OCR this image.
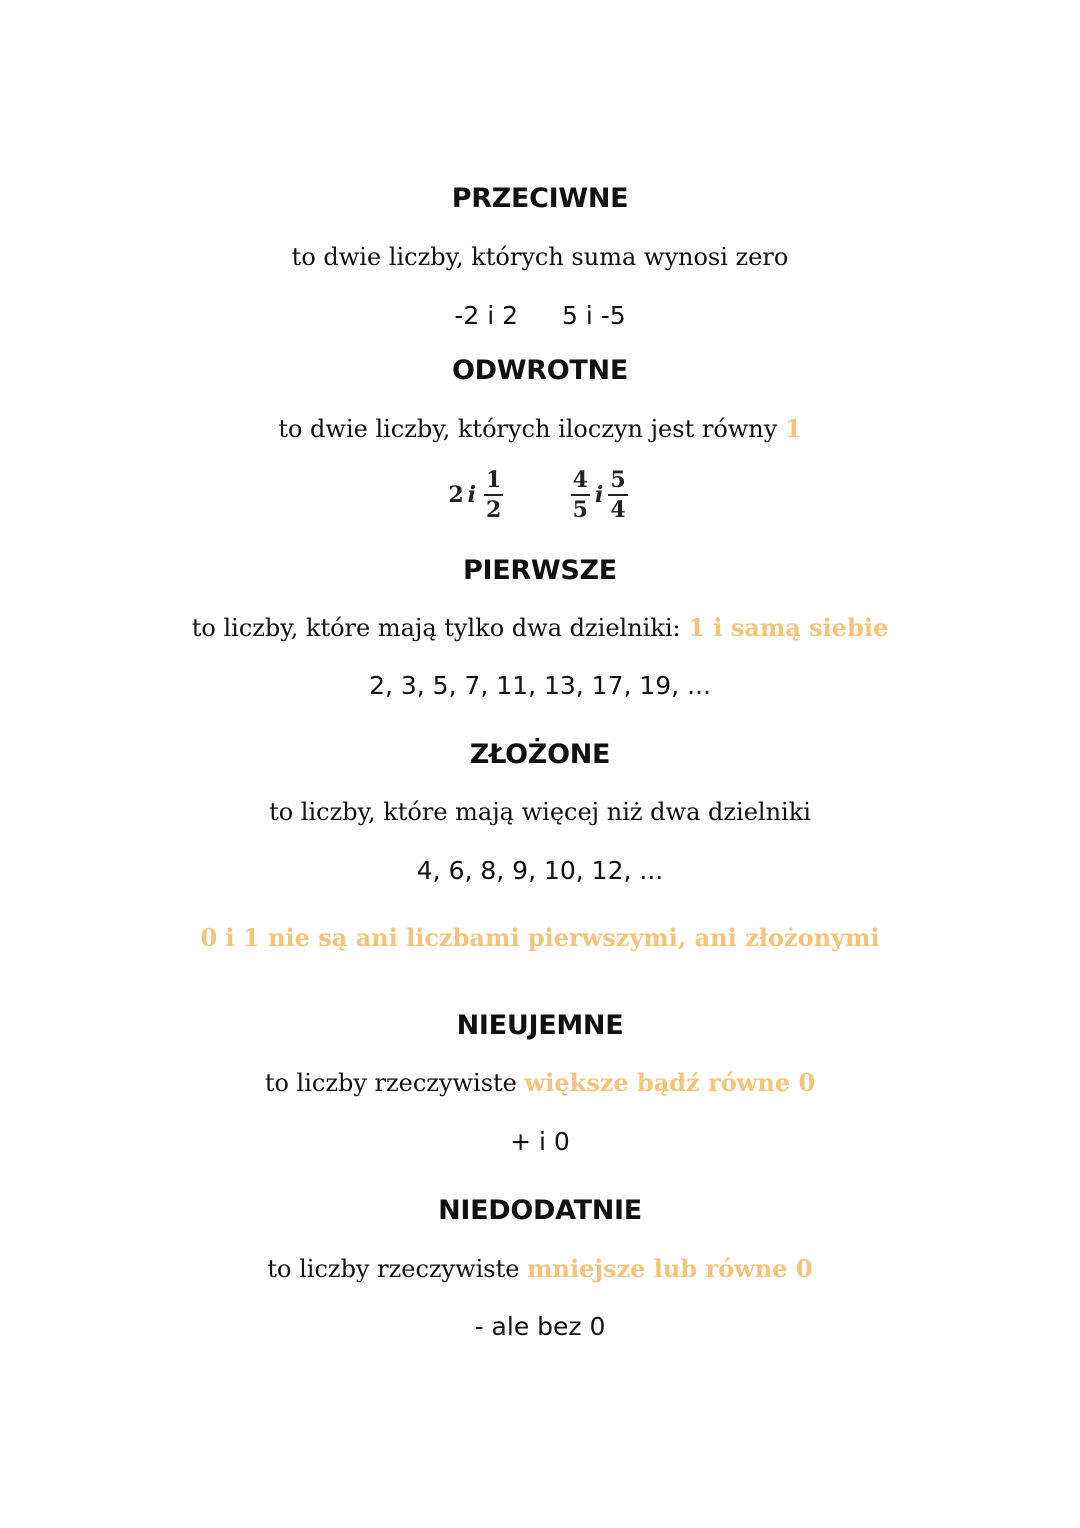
PRZECIWNE
to dwie liczby, których suma wynosi zero
-2 i 2 5 i -5
ODWROTNE
to dwie liczby, których iloczyn jest równy 1
2 i $\frac{1}{2}$
	$\frac{4}{5}$ i $\frac{5}{4}$
PIERWSZE
to liczby, które mają tylko dwa dzielniki: 1 i samą siebie
2, 3, 5, 7, 11, 13, 17, 19, ...
ZŁOŻONE
to liczby, które mają więcej niż dwa dzielniki
4, 6, 8, 9, 10, 12, ...
0 i 1 nie są ani liczbami pierwszymi, ani złożonymi
NIEUJEMNE
to liczby rzeczywiste większe bądź równe 0
+ i 0
NIEDODATNIE
to liczby rzeczywiste mniejsze lub równe 0
- ale bez 0
